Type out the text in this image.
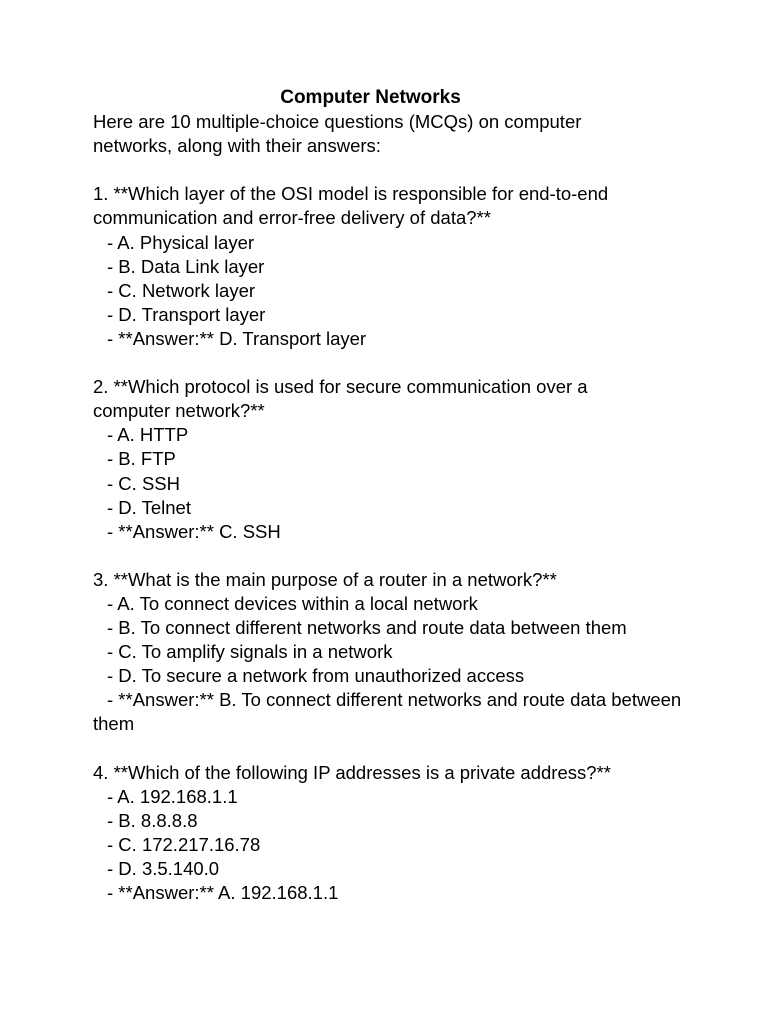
Computer Networks

Here are 10 multiple-choice questions (MCQs) on computer networks, along with their answers:

1. **Which layer of the OSI model is responsible for end-to-end communication and error-free delivery of data?**

- A. Physical layer

- B. Data Link layer

- C. Network layer

- D. Transport layer

- **Answer:** D. Transport layer

2. **Which protocol is used for secure communication over a computer network?**

- A. HTTP

- B. FTP

- C. SSH

- D. Telnet

- **Answer:** C. SSH

3. **What is the main purpose of a router in a network?**

- A. To connect devices within a local network

- B. To connect different networks and route data between them

- C. To amplify signals in a network

- D. To secure a network from unauthorized access

- **Answer:** B. To connect different networks and route data between them

4. **Which of the following IP addresses is a private address?**

- A. 192.168.1.1

- B. 8.8.8.8

- C. 172.217.16.78

- D. 3.5.140.0

- **Answer:** A. 192.168.1.1
